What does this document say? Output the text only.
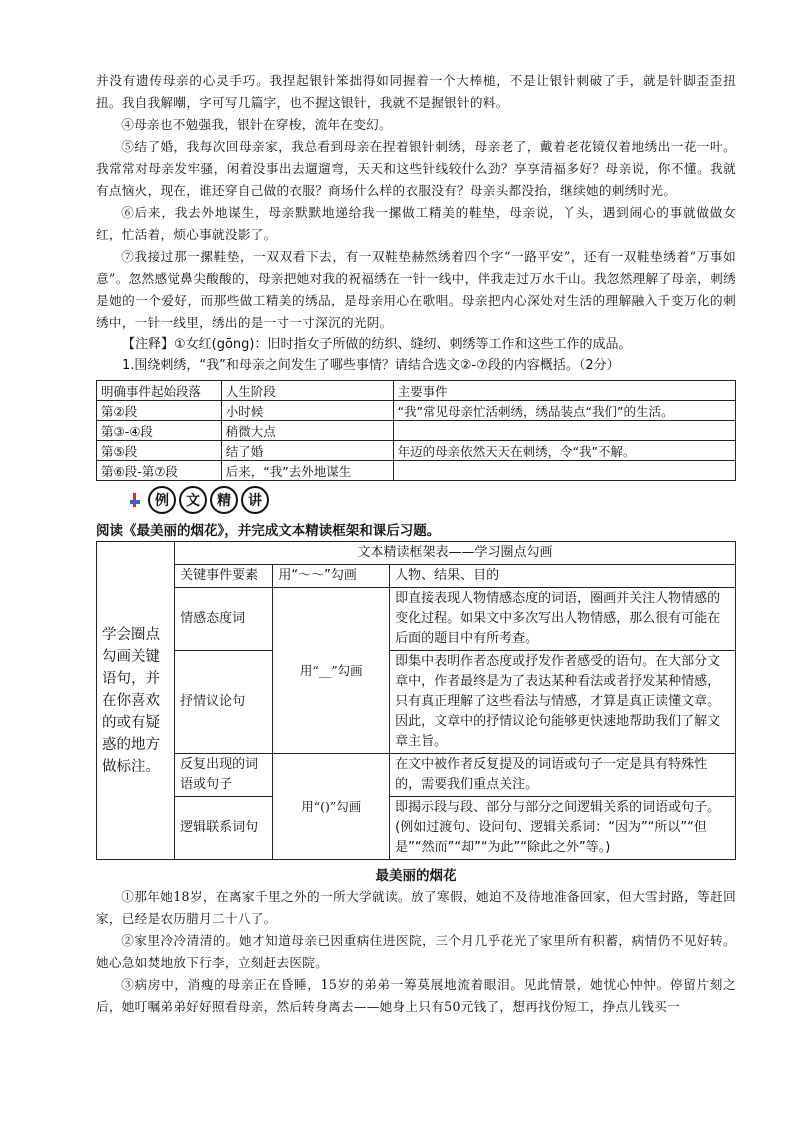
并没有遗传母亲的心灵手巧。我捏起银针笨拙得如同握着一个大棒槌，不是让银针刺破了手，就是针脚歪歪扭扭。我自我解嘲，字可写几篇字，也不握这银针，我就不是握银针的料。

④母亲也不勉强我，银针在穿梭，流年在变幻。

⑤结了婚，我每次回母亲家，我总看到母亲在捏着银针刺绣，母亲老了，戴着老花镜仅着地绣出一花一叶。我常常对母亲发牢骚，闲着没事出去遛遛弯，天天和这些针线较什么劲？享享清福多好？母亲说，你不懂。我就有点恼火，现在，谁还穿自己做的衣服？商场什么样的衣服没有？母亲头都没抬，继续她的刺绣时光。

⑥后来，我去外地谋生，母亲默默地递给我一摞做工精美的鞋垫，母亲说，丫头，遇到闹心的事就做做女红，忙活着，烦心事就没影了。

⑦我接过那一摞鞋垫，一双双看下去，有一双鞋垫赫然绣着四个字“一路平安”，还有一双鞋垫绣着“万事如意”。忽然感觉鼻尖酸酸的，母亲把她对我的祝福绣在一针一线中，伴我走过万水千山。我忽然理解了母亲，刺绣是她的一个爱好，而那些做工精美的绣品，是母亲用心在歌唱。母亲把内心深处对生活的理解融入千变万化的刺绣中，一针一线里，绣出的是一寸一寸深沉的光阴。

【注释】①女红(gōng)：旧时指女子所做的纺织、缝纫、刺绣等工作和这些工作的成品。

1.围绕刺绣，“我”和母亲之间发生了哪些事情？请结合选文②-⑦段的内容概括。（2分）

明确事件起始段落	人生阶段	主要事件
第②段	小时候	“我”常见母亲忙活刺绣，绣品装点“我们”的生活。
第③-④段	稍微大点	
第⑤段	结了婚	年迈的母亲依然天天在刺绣，令“我”不解。
第⑥段-第⑦段	后来，“我”去外地谋生	
例	文	精	讲

阅读《最美丽的烟花》，并完成文本精读框架和课后习题。

学会圈点勾画关键语句，并在你喜欢的或有疑惑的地方做标注。	文本精读框架表——学习圈点勾画		
	关键事件要素	用“～～”勾画	人物、结果、目的
	情感态度词	用“__”勾画	即直接表现人物情感态度的词语，圈画并关注人物情感的变化过程。如果文中多次写出人物情感，那么很有可能在后面的题目中有所考查。
	抒情议论句		即集中表明作者态度或抒发作者感受的语句。在大部分文章中，作者最终是为了表达某种看法或者抒发某种情感，只有真正理解了这些看法与情感，才算是真正读懂文章。因此，文章中的抒情议论句能够更快速地帮助我们了解文章主旨。
	反复出现的词语或句子	用“()”勾画	在文中被作者反复提及的词语或句子一定是具有特殊性的，需要我们重点关注。
	逻辑联系词句		即揭示段与段、部分与部分之间逻辑关系的词语或句子。(例如过渡句、设问句、逻辑关系词：“因为”“所以”“但是”“然而”“却”“为此”“除此之外”等。)

最美丽的烟花

①那年她18岁，在离家千里之外的一所大学就读。放了寒假，她迫不及待地准备回家，但大雪封路，等赶回家，已经是农历腊月二十八了。

②家里冷冷清清的。她才知道母亲已因重病住进医院，三个月几乎花光了家里所有积蓄，病情仍不见好转。她心急如焚地放下行李，立刻赶去医院。

③病房中，消瘦的母亲正在昏睡，15岁的弟弟一筹莫展地流着眼泪。见此情景，她忧心忡忡。停留片刻之后，她叮嘱弟弟好好照看母亲，然后转身离去——她身上只有50元钱了，想再找份短工，挣点儿钱买一
